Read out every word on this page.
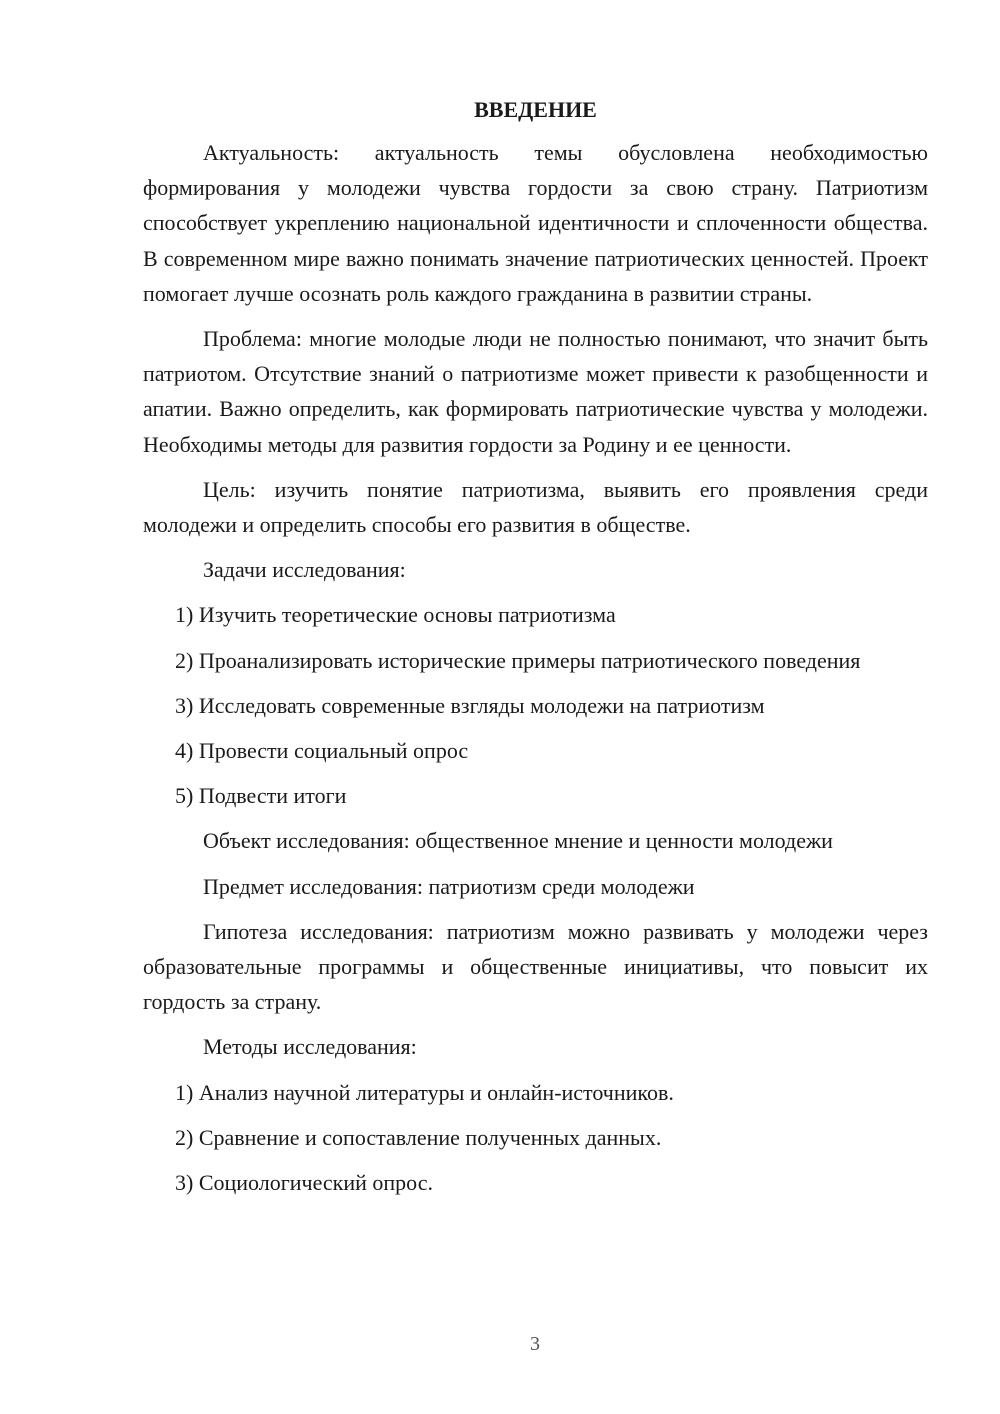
ВВЕДЕНИЕ

Актуальность: актуальность темы обусловлена необходимостью формирования у молодежи чувства гордости за свою страну. Патриотизм способствует укреплению национальной идентичности и сплоченности общества. В современном мире важно понимать значение патриотических ценностей. Проект помогает лучше осознать роль каждого гражданина в развитии страны.

Проблема: многие молодые люди не полностью понимают, что значит быть патриотом. Отсутствие знаний о патриотизме может привести к разобщенности и апатии. Важно определить, как формировать патриотические чувства у молодежи. Необходимы методы для развития гордости за Родину и ее ценности.

Цель: изучить понятие патриотизма, выявить его проявления среди молодежи и определить способы его развития в обществе.

Задачи исследования:

1) Изучить теоретические основы патриотизма

2) Проанализировать исторические примеры патриотического поведения

3) Исследовать современные взгляды молодежи на патриотизм

4) Провести социальный опрос

5) Подвести итоги

Объект исследования: общественное мнение и ценности молодежи

Предмет исследования: патриотизм среди молодежи

Гипотеза исследования: патриотизм можно развивать у молодежи через образовательные программы и общественные инициативы, что повысит их гордость за страну.

Методы исследования:

1) Анализ научной литературы и онлайн-источников.

2) Сравнение и сопоставление полученных данных.

3) Социологический опрос.

3
